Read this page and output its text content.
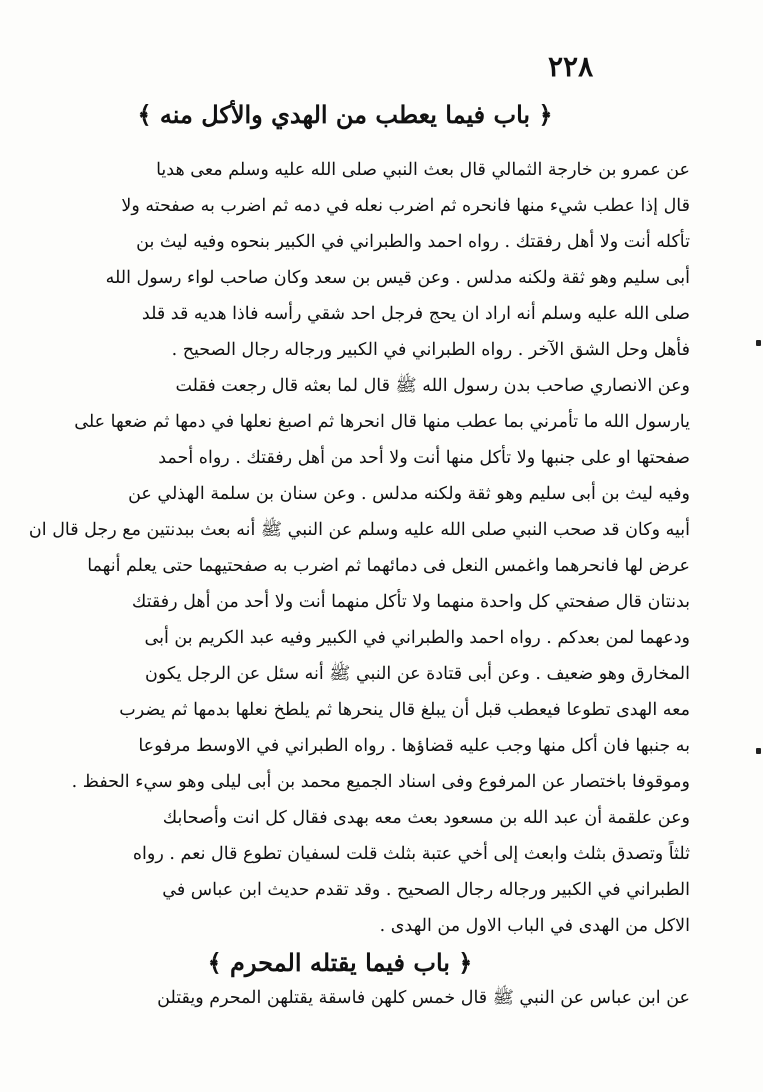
۲۲۸
﴿ باب فيما يعطب من الهدي والأكل منه ﴾
عن عمرو بن خارجة الثمالي قال بعث النبي صلى الله عليه وسلم معى هديا
قال إذا عطب شيء منها فانحره ثم اضرب نعله في دمه ثم اضرب به صفحته ولا
تأكله أنت ولا أهل رفقتك . رواه احمد والطبراني في الكبير بنحوه وفيه ليث بن
أبى سليم وهو ثقة ولكنه مدلس . وعن قيس بن سعد وكان صاحب لواء رسول الله
صلى الله عليه وسلم أنه اراد ان يحج فرجل احد شقي رأسه فاذا هديه قد قلد
فأهل وحل الشق الآخر . رواه الطبراني في الكبير ورجاله رجال الصحيح .
وعن الانصاري صاحب بدن رسول الله ﷺ قال لما بعثه قال رجعت فقلت
يارسول الله ما تأمرني بما عطب منها قال انحرها ثم اصبغ نعلها في دمها ثم ضعها على
صفحتها او على جنبها ولا تأكل منها أنت ولا أحد من أهل رفقتك . رواه أحمد
وفيه ليث بن أبى سليم وهو ثقة ولكنه مدلس . وعن سنان بن سلمة الهذلي عن
أبيه وكان قد صحب النبي صلى الله عليه وسلم عن النبي ﷺ أنه بعث ببدنتين مع رجل قال ان
عرض لها فانحرهما واغمس النعل فى دمائهما ثم اضرب به صفحتيهما حتى يعلم أنهما
بدنتان قال صفحتي كل واحدة منهما ولا تأكل منهما أنت ولا أحد من أهل رفقتك
ودعهما لمن بعدكم . رواه احمد والطبراني في الكبير وفيه عبد الكريم بن أبى
المخارق وهو ضعيف . وعن أبى قتادة عن النبي ﷺ أنه سئل عن الرجل يكون
معه الهدى تطوعا فيعطب قبل أن يبلغ قال ينحرها ثم يلطخ نعلها بدمها ثم يضرب
به جنبها فان أكل منها وجب عليه قضاؤها . رواه الطبراني في الاوسط مرفوعا
وموقوفا باختصار عن المرفوع وفى اسناد الجميع محمد بن أبى ليلى وهو سيء الحفظ .
وعن علقمة أن عبد الله بن مسعود بعث معه بهدى فقال كل انت وأصحابك
ثلثاً وتصدق بثلث وابعث إلى أخي عتبة بثلث قلت لسفيان تطوع قال نعم . رواه
الطبراني في الكبير ورجاله رجال الصحيح . وقد تقدم حديث ابن عباس في
الاكل من الهدى في الباب الاول من الهدى .
﴿ باب فيما يقتله المحرم ﴾
عن ابن عباس عن النبي ﷺ قال خمس كلهن فاسقة يقتلهن المحرم ويقتلن
